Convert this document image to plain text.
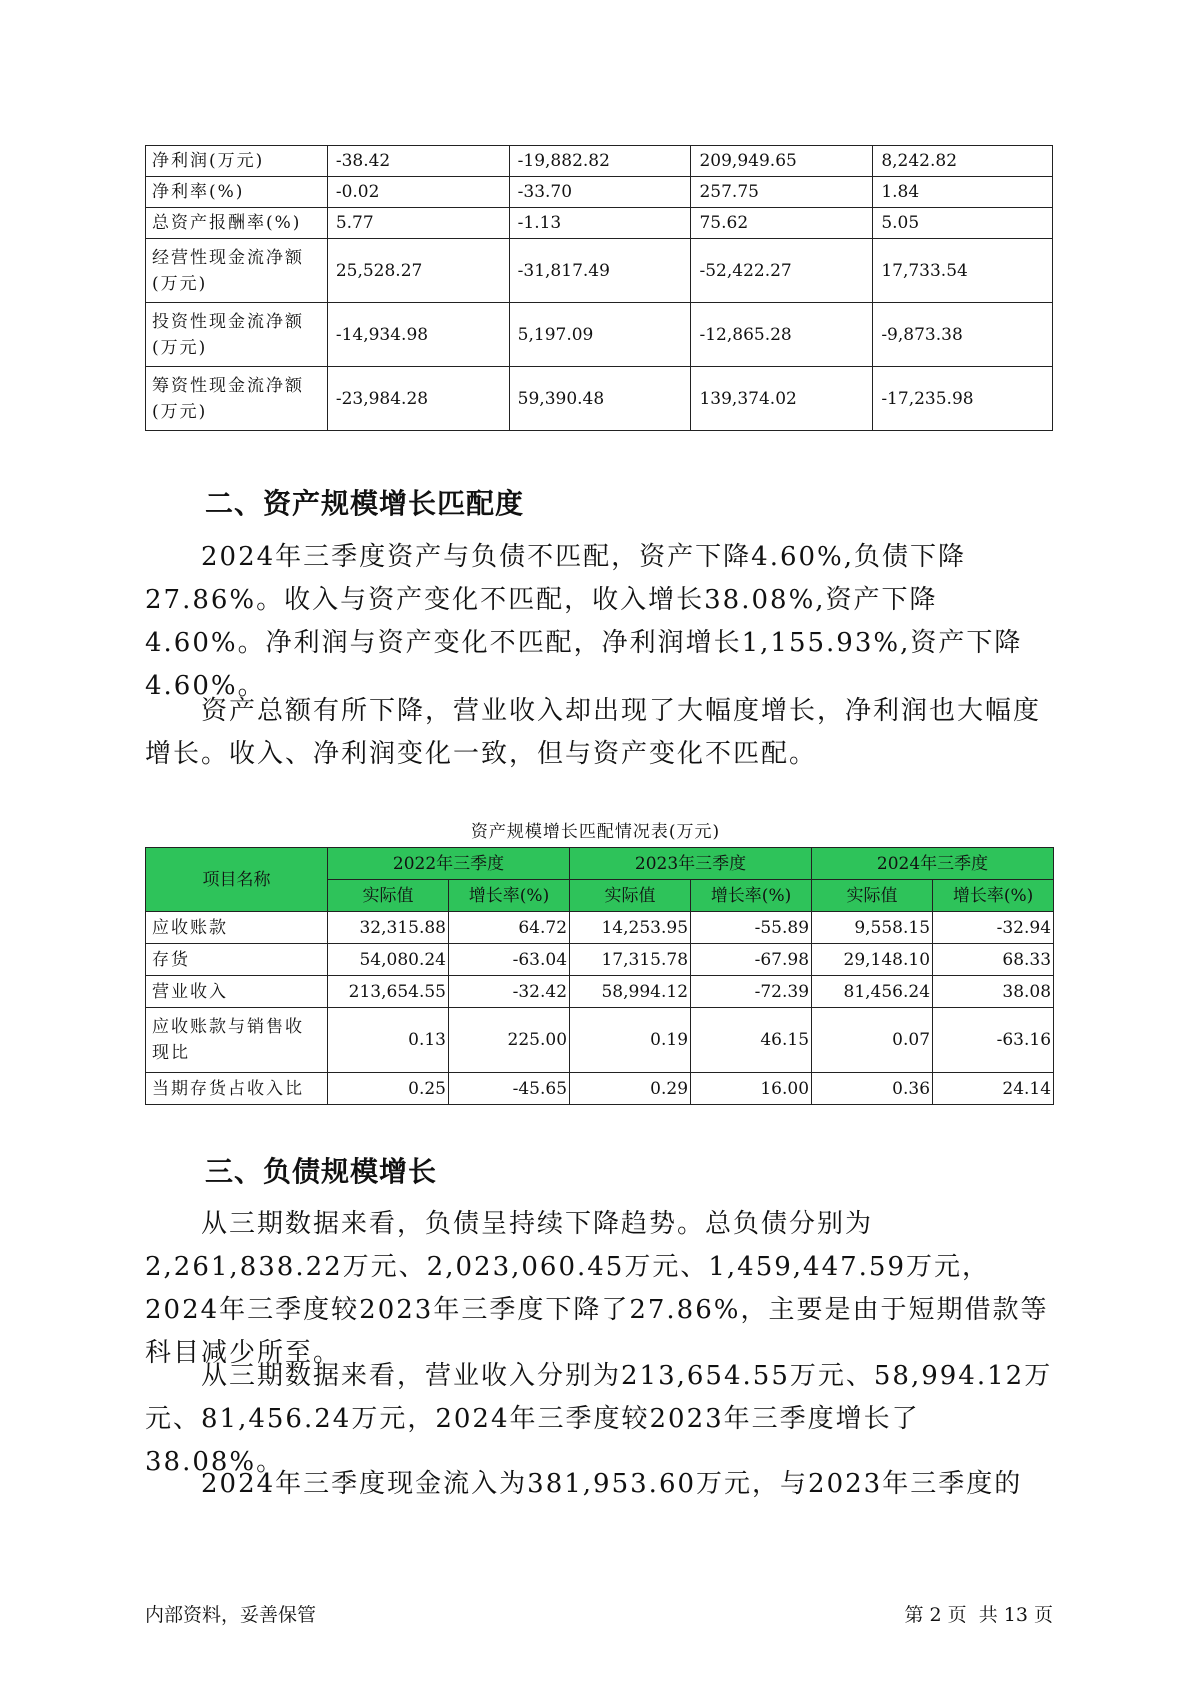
净利润(万元)	-38.42	-19,882.82	209,949.65	8,242.82
净利率(%)	-0.02	-33.70	257.75	1.84
总资产报酬率(%)	5.77	-1.13	75.62	5.05
经营性现金流净额(万元)	25,528.27	-31,817.49	-52,422.27	17,733.54
投资性现金流净额(万元)	-14,934.98	5,197.09	-12,865.28	-9,873.38
筹资性现金流净额(万元)	-23,984.28	59,390.48	139,374.02	-17,235.98
二、资产规模增长匹配度

2024年三季度资产与负债不匹配，资产下降4.60%,负债下降27.86%。收入与资产变化不匹配，收入增长38.08%,资产下降4.60%。净利润与资产变化不匹配，净利润增长1,155.93%,资产下降4.60%。

资产总额有所下降，营业收入却出现了大幅度增长，净利润也大幅度增长。收入、净利润变化一致，但与资产变化不匹配。

资产规模增长匹配情况表(万元)
项目名称	2022年三季度		2023年三季度		2024年三季度	
	实际值	增长率(%)	实际值	增长率(%)	实际值	增长率(%)
应收账款	32,315.88	64.72	14,253.95	-55.89	9,558.15	-32.94
存货	54,080.24	-63.04	17,315.78	-67.98	29,148.10	68.33
营业收入	213,654.55	-32.42	58,994.12	-72.39	81,456.24	38.08
应收账款与销售收现比	0.13	225.00	0.19	46.15	0.07	-63.16
当期存货占收入比	0.25	-45.65	0.29	16.00	0.36	24.14
三、负债规模增长

从三期数据来看，负债呈持续下降趋势。总负债分别为2,261,838.22万元、2,023,060.45万元、1,459,447.59万元，2024年三季度较2023年三季度下降了27.86%，主要是由于短期借款等科目减少所至。

从三期数据来看，营业收入分别为213,654.55万元、58,994.12万元、81,456.24万元，2024年三季度较2023年三季度增长了38.08%。

2024年三季度现金流入为381,953.60万元，与2023年三季度的

内部资料，妥善保管	第 2 页  共 13 页
